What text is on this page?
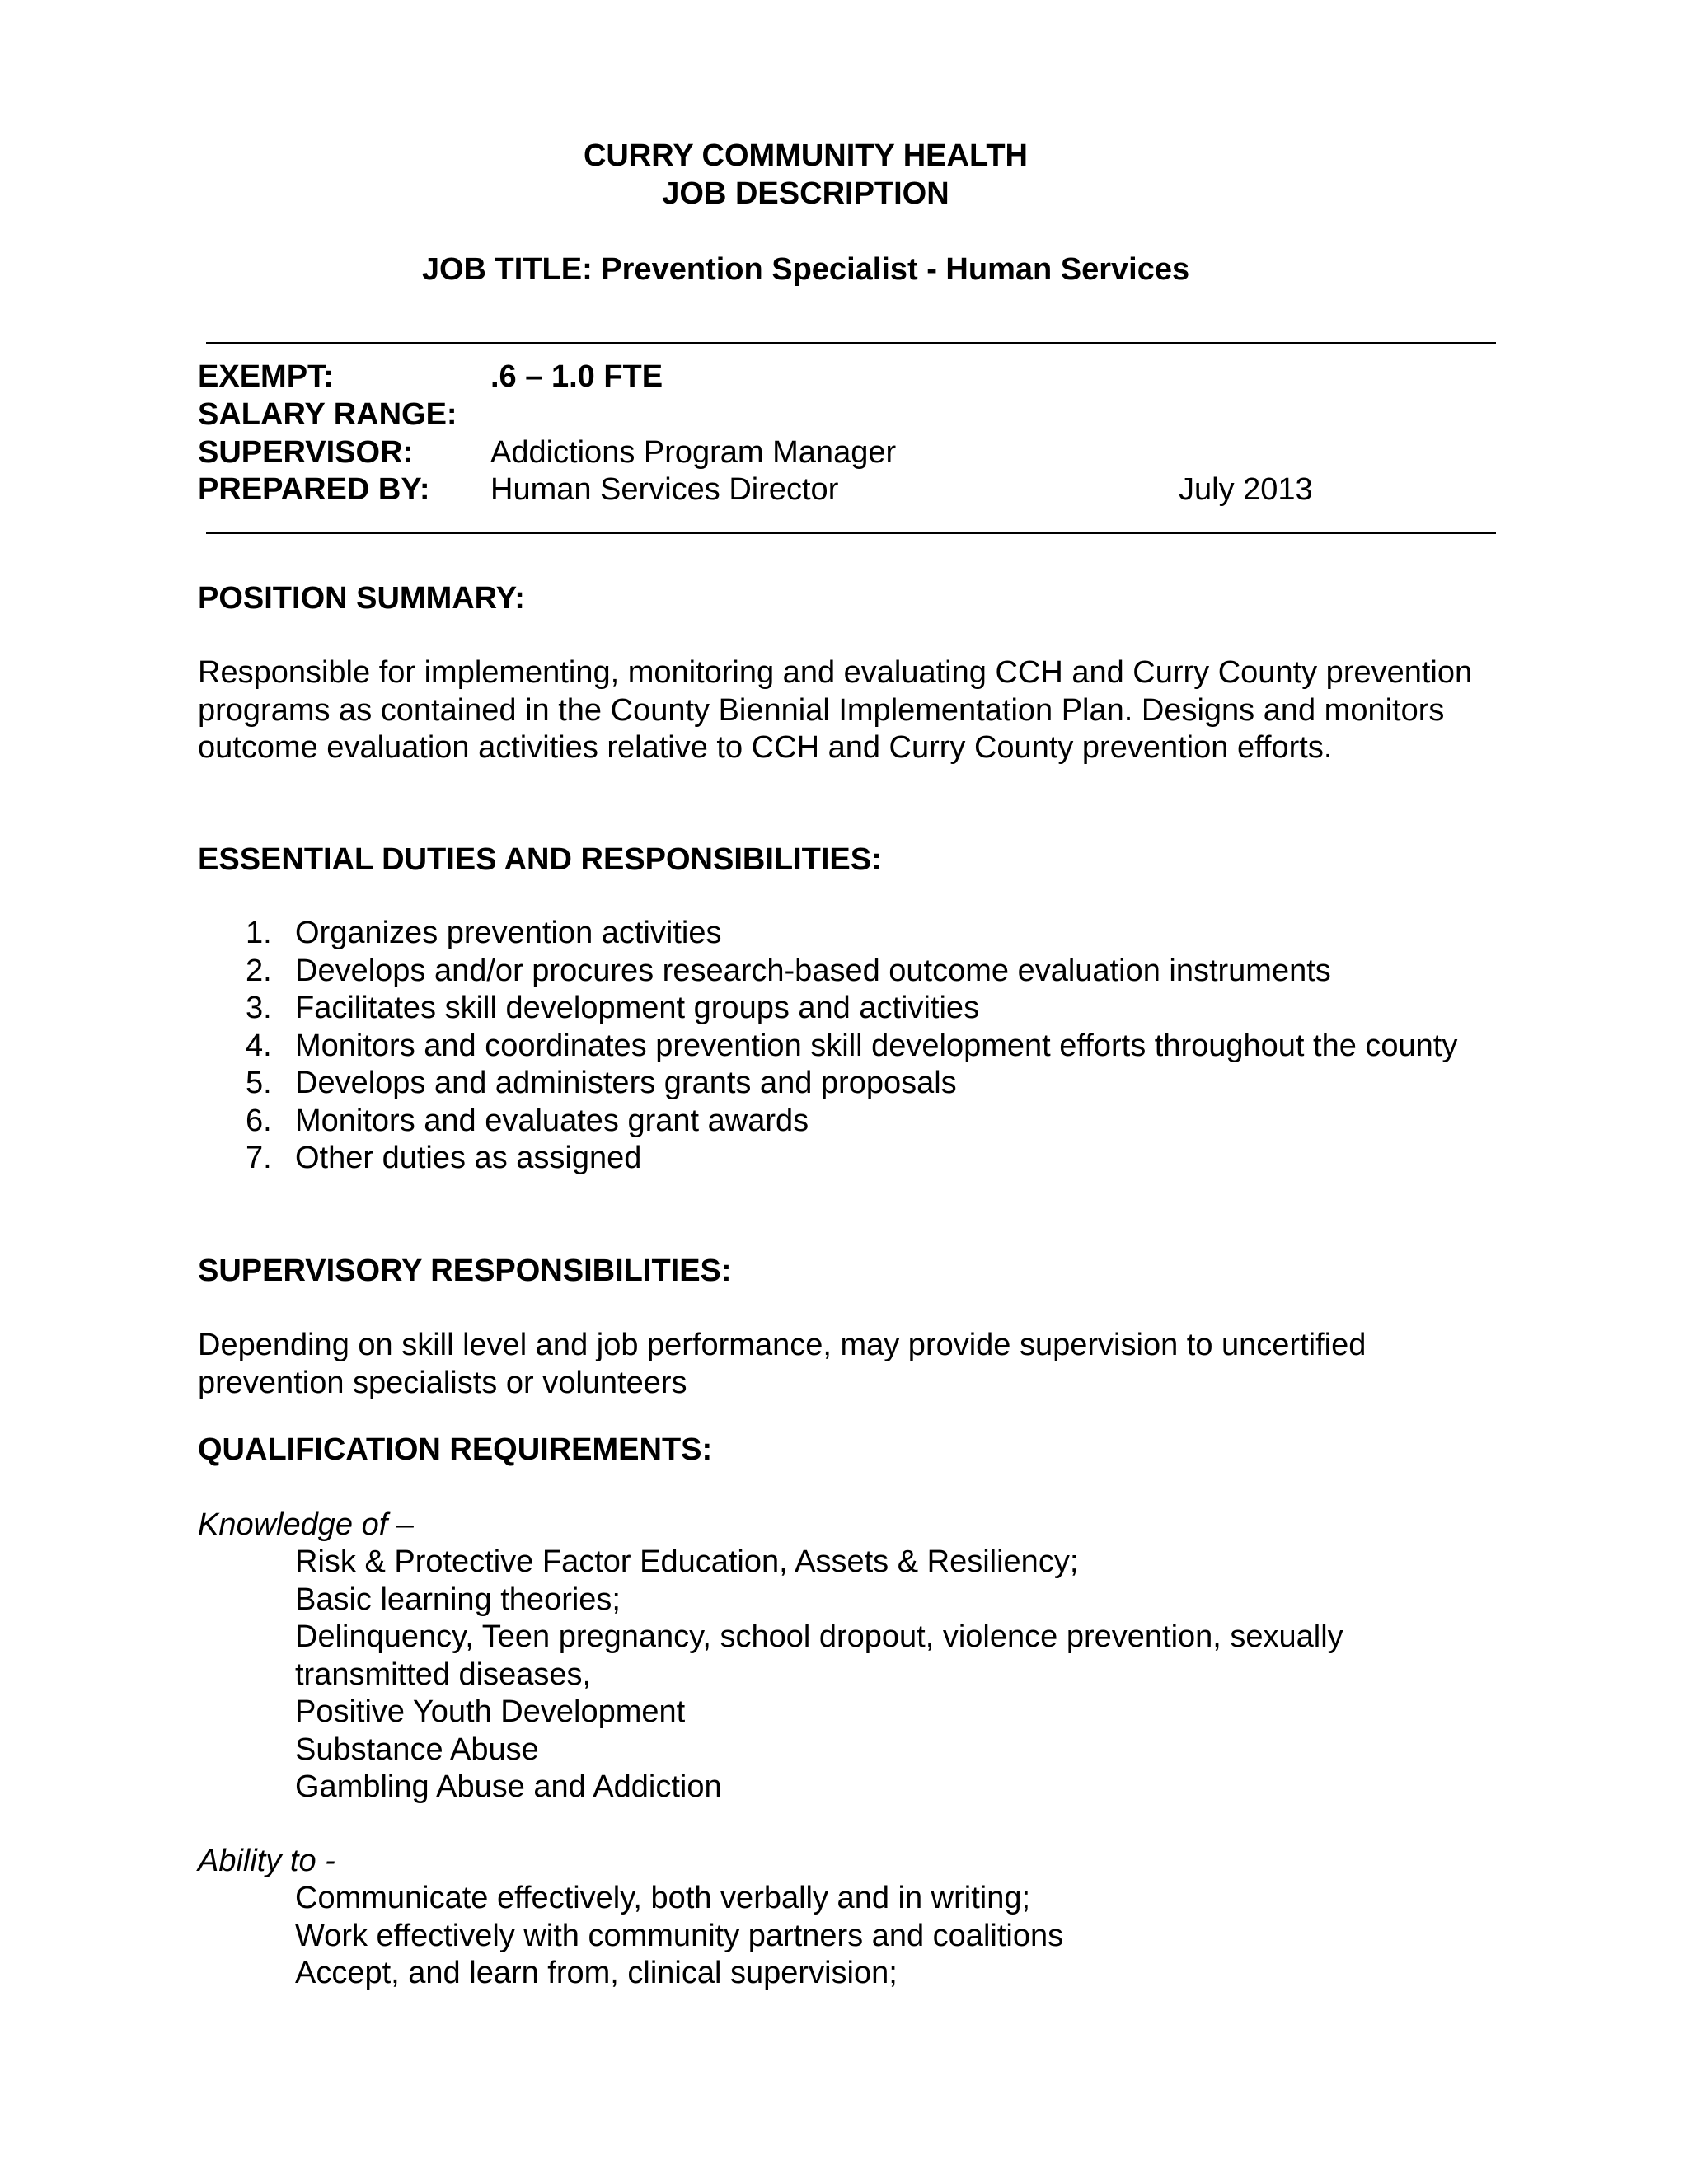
CURRY COMMUNITY HEALTH
JOB DESCRIPTION
JOB TITLE: Prevention Specialist - Human Services
EXEMPT:	.6 – 1.0 FTE
SALARY RANGE:
SUPERVISOR: Addictions Program Manager
PREPARED BY: Human Services Director	July 2013
POSITION SUMMARY:

Responsible for implementing, monitoring and evaluating CCH and Curry County prevention programs as contained in the County Biennial Implementation Plan. Designs and monitors outcome evaluation activities relative to CCH and Curry County prevention efforts.

ESSENTIAL DUTIES AND RESPONSIBILITIES:
1. Organizes prevention activities
2. Develops and/or procures research-based outcome evaluation instruments
3. Facilitates skill development groups and activities
4. Monitors and coordinates prevention skill development efforts throughout the county
5. Develops and administers grants and proposals
6. Monitors and evaluates grant awards
7. Other duties as assigned
SUPERVISORY RESPONSIBILITIES:

Depending on skill level and job performance, may provide supervision to uncertified prevention specialists or volunteers

QUALIFICATION REQUIREMENTS:
Knowledge of –
Risk & Protective Factor Education, Assets & Resiliency;
Basic learning theories;
Delinquency, Teen pregnancy, school dropout, violence prevention, sexually transmitted diseases,
Positive Youth Development
Substance Abuse
Gambling Abuse and Addiction
Ability to -
Communicate effectively, both verbally and in writing;
Work effectively with community partners and coalitions
Accept, and learn from, clinical supervision;
